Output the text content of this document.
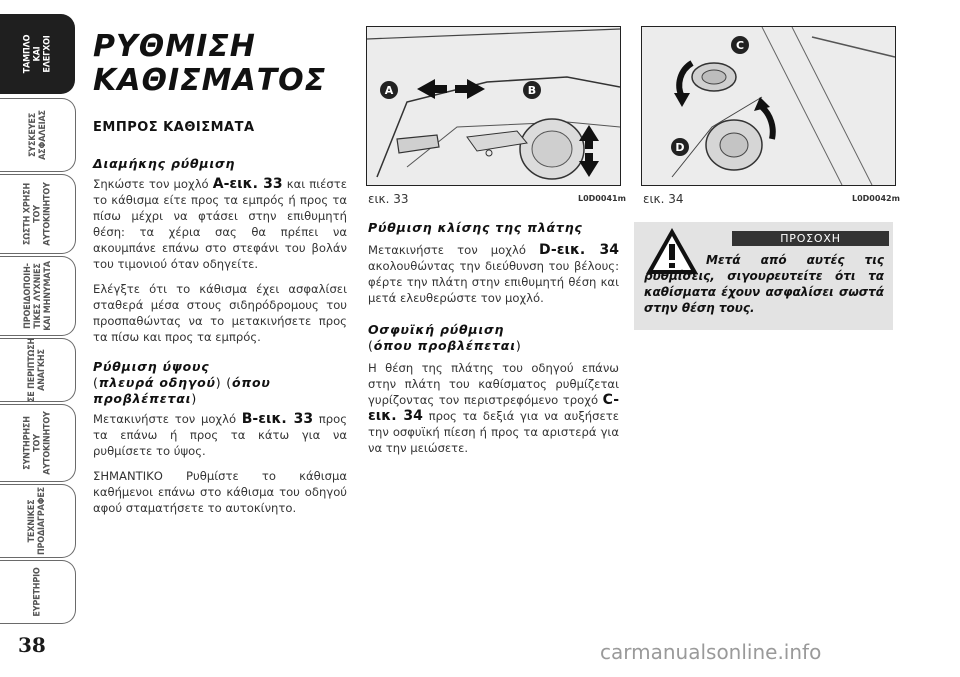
ΤΑΜΠΛΟ
ΚΑΙ
ΕΛΕΓΧΟΙ
ΣΥΣΚΕΥΕΣ
ΑΣΦΑΛΕΙΑΣ
ΣΩΣΤΗ ΧΡΗΣΗ
ΤΟΥ
ΑΥΤΟΚΙΝΗΤΟΥ
ΠΡΟΕΙΔΟΠΟΙΗ-
ΤΙΚΕΣ ΛΥΧΝΙΕΣ
ΚΑΙ ΜΗΝΥΜΑΤΑ
ΣΕ ΠΕΡΙΠΤΩΣΗ
ΑΝΑΓΚΗΣ
ΣΥΝΤΗΡΗΣΗ
ΤΟΥ
ΑΥΤΟΚΙΝΗΤΟΥ
ΤΕΧΝΙΚΕΣ
ΠΡΟΔΙΑΓΡΑΦΕΣ
ΕΥΡΕΤΗΡΙΟ
38
ΡΥΘΜΙΣΗ
ΚΑΘΙΣΜΑΤΟΣ
ΕΜΠΡΟΣ ΚΑΘΙΣΜΑΤΑ
Διαμήκης ρύθμιση

Σηκώστε τον μοχλό A-εικ. 33 και πιέστε το κάθισμα είτε προς τα εμπρός ή προς τα πίσω μέχρι να φτάσει στην επιθυμητή θέση: τα χέρια σας θα πρέπει να ακουμπάνε επάνω στο στεφάνι του βολάν του τιμονιού όταν οδηγείτε.

Ελέγξτε ότι το κάθισμα έχει ασφαλίσει σταθερά μέσα στους σιδηρόδρομους του προσπαθώντας να το μετακινήσετε προς τα πίσω και προς τα εμπρός.

Ρύθμιση ύψους
(πλευρά οδηγού) (όπου προβλέπεται)

Μετακινήστε τον μοχλό B-εικ. 33 προς τα επάνω ή προς τα κάτω για να ρυθμίσετε το ύψος.

ΣΗΜΑΝΤΙΚΟ Ρυθμίστε το κάθισμα καθήμενοι επάνω στο κάθισμα του οδηγού αφού σταματήσετε το αυτοκίνητο.

A	B
εικ. 33	L0D0041m
C
D
εικ. 34	L0D0042m
Ρύθμιση κλίσης της πλάτης

Μετακινήστε τον μοχλό D-εικ. 34 ακολουθώντας την διεύθυνση του βέλους: φέρτε την πλάτη στην επιθυμητή θέση και μετά ελευθερώστε τον μοχλό.

Οσφυϊκή ρύθμιση
(όπου προβλέπεται)

Η θέση της πλάτης του οδηγού επάνω στην πλάτη του καθίσματος ρυθμίζεται γυρίζοντας τον περιστρεφόμενο τροχό C-εικ. 34 προς τα δεξιά για να αυξήσετε την οσφυϊκή πίεση ή προς τα αριστερά για να την μειώσετε.

ΠΡΟΣΟΧΗ
Μετά από αυτές τις ρυθμίσεις, σιγουρευτείτε ότι τα καθίσματα έχουν ασφαλίσει σωστά στην θέση τους.
carmanualsonline.info
